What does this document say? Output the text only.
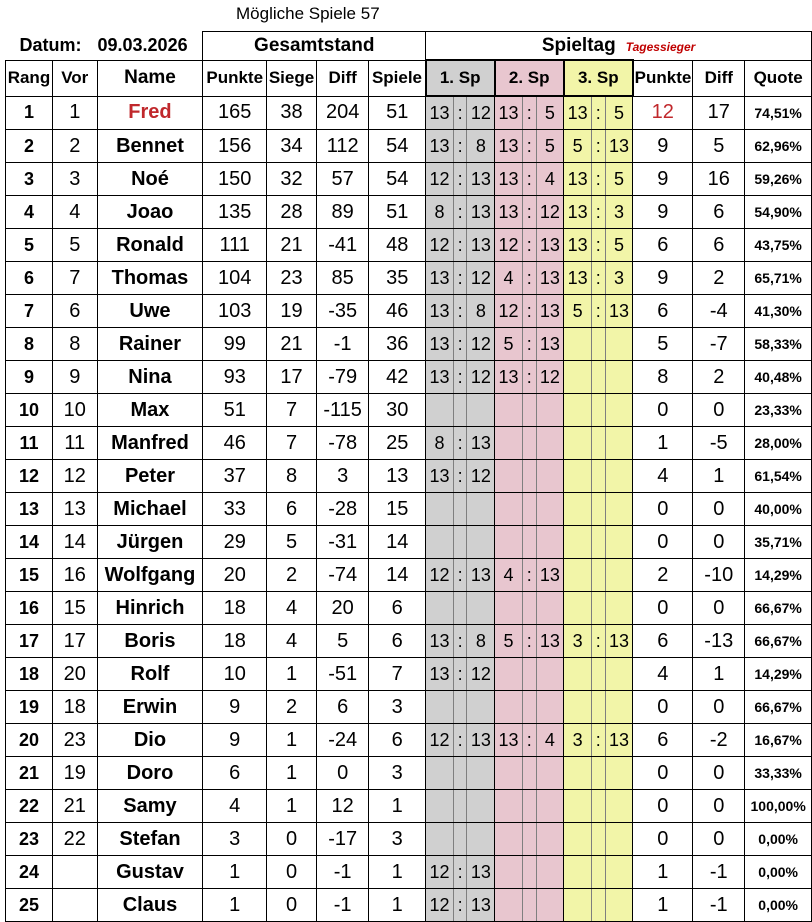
Mögliche Spiele 57
Datum: 09.03.2026			Gesamtstand				Spieltag Tagessieger											
Rang	Vor	Name	Punkte	Siege	Diff	Spiele	1. Sp			2. Sp			3. Sp			Punkte	Diff	Quote
1	1	Fred	165	38	204	51	13	:	12	13	:	5	13	:	5	12	17	74,51%
2	2	Bennet	156	34	112	54	13	:	8	13	:	5	5	:	13	9	5	62,96%
3	3	Noé	150	32	57	54	12	:	13	13	:	4	13	:	5	9	16	59,26%
4	4	Joao	135	28	89	51	8	:	13	13	:	12	13	:	3	9	6	54,90%
5	5	Ronald	111	21	-41	48	12	:	13	12	:	13	13	:	5	6	6	43,75%
6	7	Thomas	104	23	85	35	13	:	12	4	:	13	13	:	3	9	2	65,71%
7	6	Uwe	103	19	-35	46	13	:	8	12	:	13	5	:	13	6	-4	41,30%
8	8	Rainer	99	21	-1	36	13	:	12	5	:	13				5	-7	58,33%
9	9	Nina	93	17	-79	42	13	:	12	13	:	12				8	2	40,48%
10	10	Max	51	7	-115	30										0	0	23,33%
11	11	Manfred	46	7	-78	25	8	:	13							1	-5	28,00%
12	12	Peter	37	8	3	13	13	:	12							4	1	61,54%
13	13	Michael	33	6	-28	15										0	0	40,00%
14	14	Jürgen	29	5	-31	14										0	0	35,71%
15	16	Wolfgang	20	2	-74	14	12	:	13	4	:	13				2	-10	14,29%
16	15	Hinrich	18	4	20	6										0	0	66,67%
17	17	Boris	18	4	5	6	13	:	8	5	:	13	3	:	13	6	-13	66,67%
18	20	Rolf	10	1	-51	7	13	:	12							4	1	14,29%
19	18	Erwin	9	2	6	3										0	0	66,67%
20	23	Dio	9	1	-24	6	12	:	13	13	:	4	3	:	13	6	-2	16,67%
21	19	Doro	6	1	0	3										0	0	33,33%
22	21	Samy	4	1	12	1										0	0	100,00%
23	22	Stefan	3	0	-17	3										0	0	0,00%
24		Gustav	1	0	-1	1	12	:	13							1	-1	0,00%
25		Claus	1	0	-1	1	12	:	13							1	-1	0,00%
